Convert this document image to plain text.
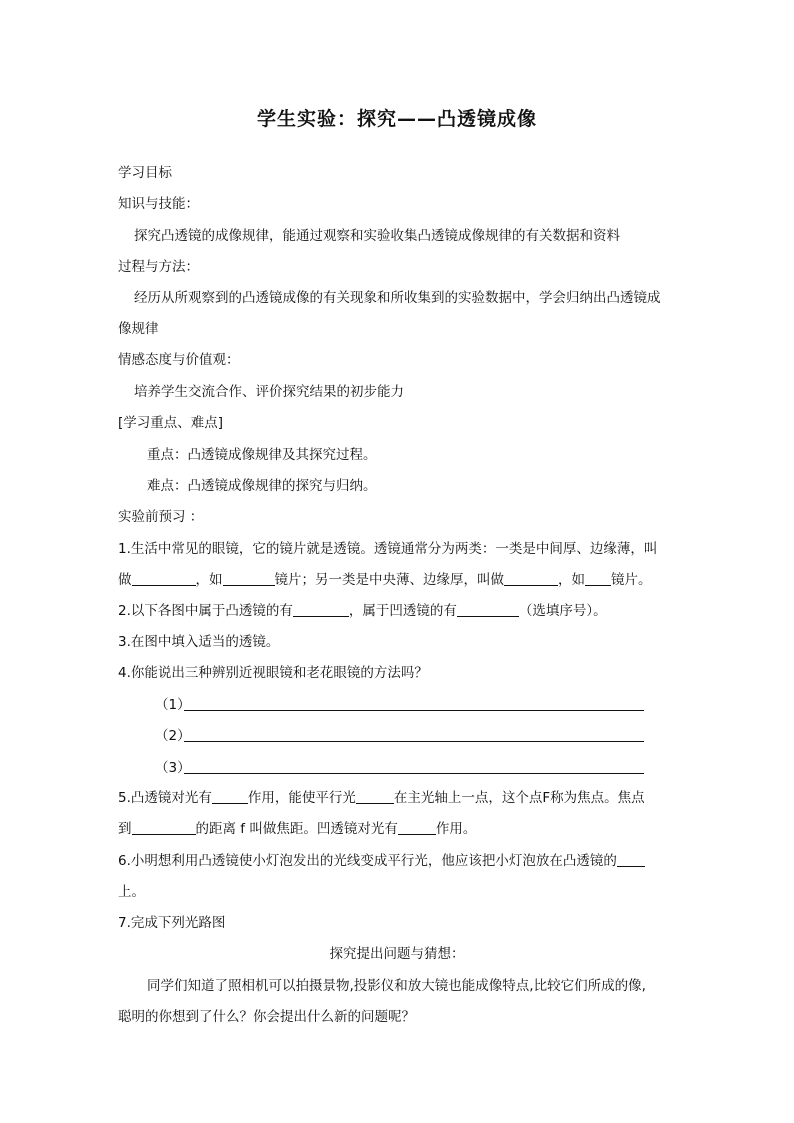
学生实验：探究——凸透镜成像
学习目标
知识与技能：
探究凸透镜的成像规律，能通过观察和实验收集凸透镜成像规律的有关数据和资料
过程与方法：
经历从所观察到的凸透镜成像的有关现象和所收集到的实验数据中，学会归纳出凸透镜成
像规律
情感态度与价值观：
培养学生交流合作、评价探究结果的初步能力
[学习重点、难点]
重点：凸透镜成像规律及其探究过程。
难点：凸透镜成像规律的探究与归纳。
实验前预习 ：
1.生活中常见的眼镜，它的镜片就是透镜。透镜通常分为两类：一类是中间厚、边缘薄，叫
做	，如	镜片；另一类是中央薄、边缘厚，叫做	，如 镜片。
2.以下各图中属于凸透镜的有	，属于凹透镜的有	（选填序号）。
3.在图中填入适当的透镜。
4.你能说出三种辨别近视眼镜和老花眼镜的方法吗？
（1）
（2）
（3）
5.凸透镜对光有	作用，能使平行光	在主光轴上一点，这个点F称为焦点。焦点
到	的距离 f 叫做焦距。凹透镜对光有	作用。
6.小明想利用凸透镜使小灯泡发出的光线变成平行光，他应该把小灯泡放在凸透镜的
上。
7.完成下列光路图
探究提出问题与猜想：
同学们知道了照相机可以拍摄景物,投影仪和放大镜也能成像特点,比较它们所成的像,
聪明的你想到了什么？你会提出什么新的问题呢？
